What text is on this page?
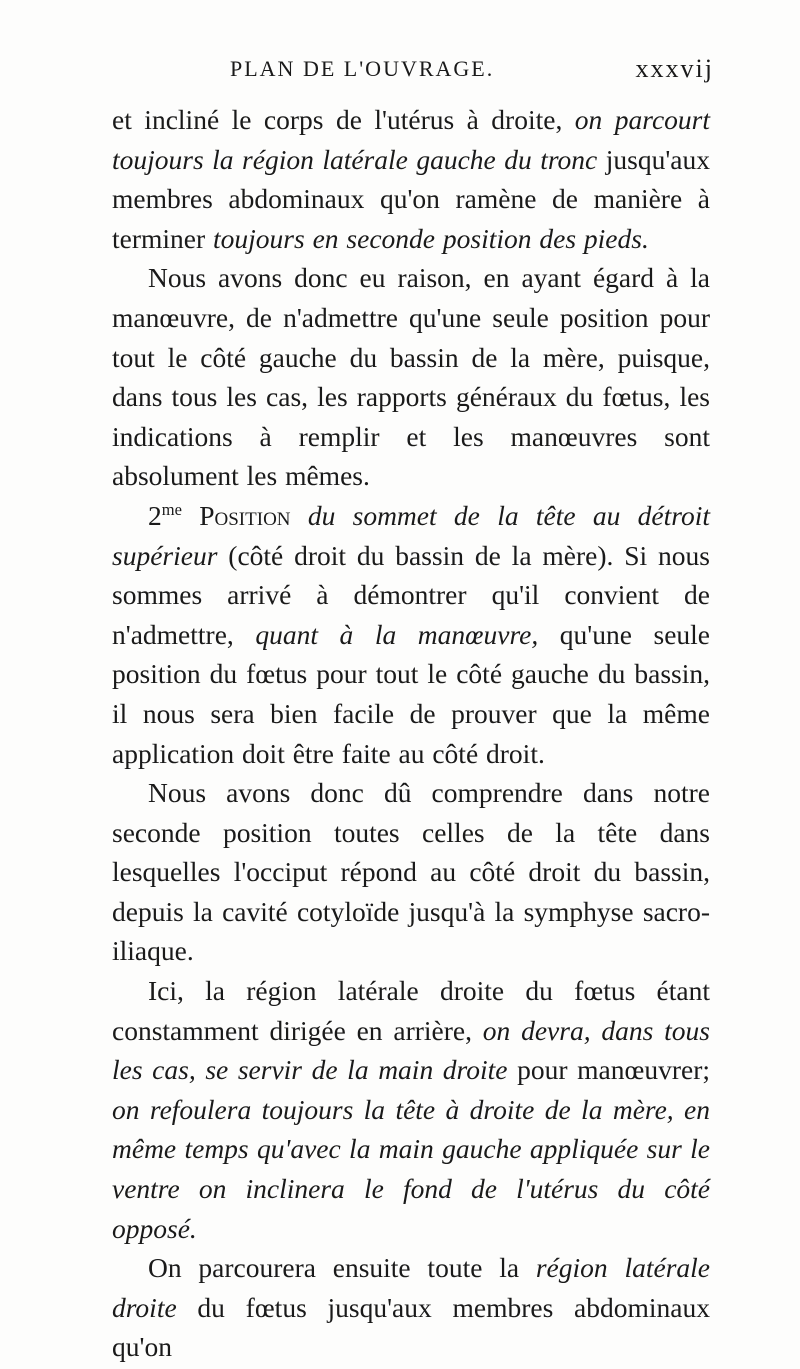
PLAN DE L'OUVRAGE.	xxxvij

et incliné le corps de l'utérus à droite, on parcourt toujours la région latérale gauche du tronc jusqu'aux membres abdominaux qu'on ramène de manière à terminer toujours en seconde position des pieds.

Nous avons donc eu raison, en ayant égard à la manœuvre, de n'admettre qu'une seule position pour tout le côté gauche du bassin de la mère, puisque, dans tous les cas, les rapports généraux du fœtus, les indications à remplir et les manœuvres sont absolument les mêmes.

$2^{me}$ Position du sommet de la tête au détroit supérieur (côté droit du bassin de la mère). Si nous sommes arrivé à démontrer qu'il convient de n'admettre, quant à la manœuvre, qu'une seule position du fœtus pour tout le côté gauche du bassin, il nous sera bien facile de prouver que la même application doit être faite au côté droit.

Nous avons donc dû comprendre dans notre seconde position toutes celles de la tête dans lesquelles l'occiput répond au côté droit du bassin, depuis la cavité cotyloïde jusqu'à la symphyse sacro-iliaque.

Ici, la région latérale droite du fœtus étant constamment dirigée en arrière, on devra, dans tous les cas, se servir de la main droite pour manœuvrer; on refoulera toujours la tête à droite de la mère, en même temps qu'avec la main gauche appliquée sur le ventre on inclinera le fond de l'utérus du côté opposé.

On parcourera ensuite toute la région latérale droite du fœtus jusqu'aux membres abdominaux qu'on
